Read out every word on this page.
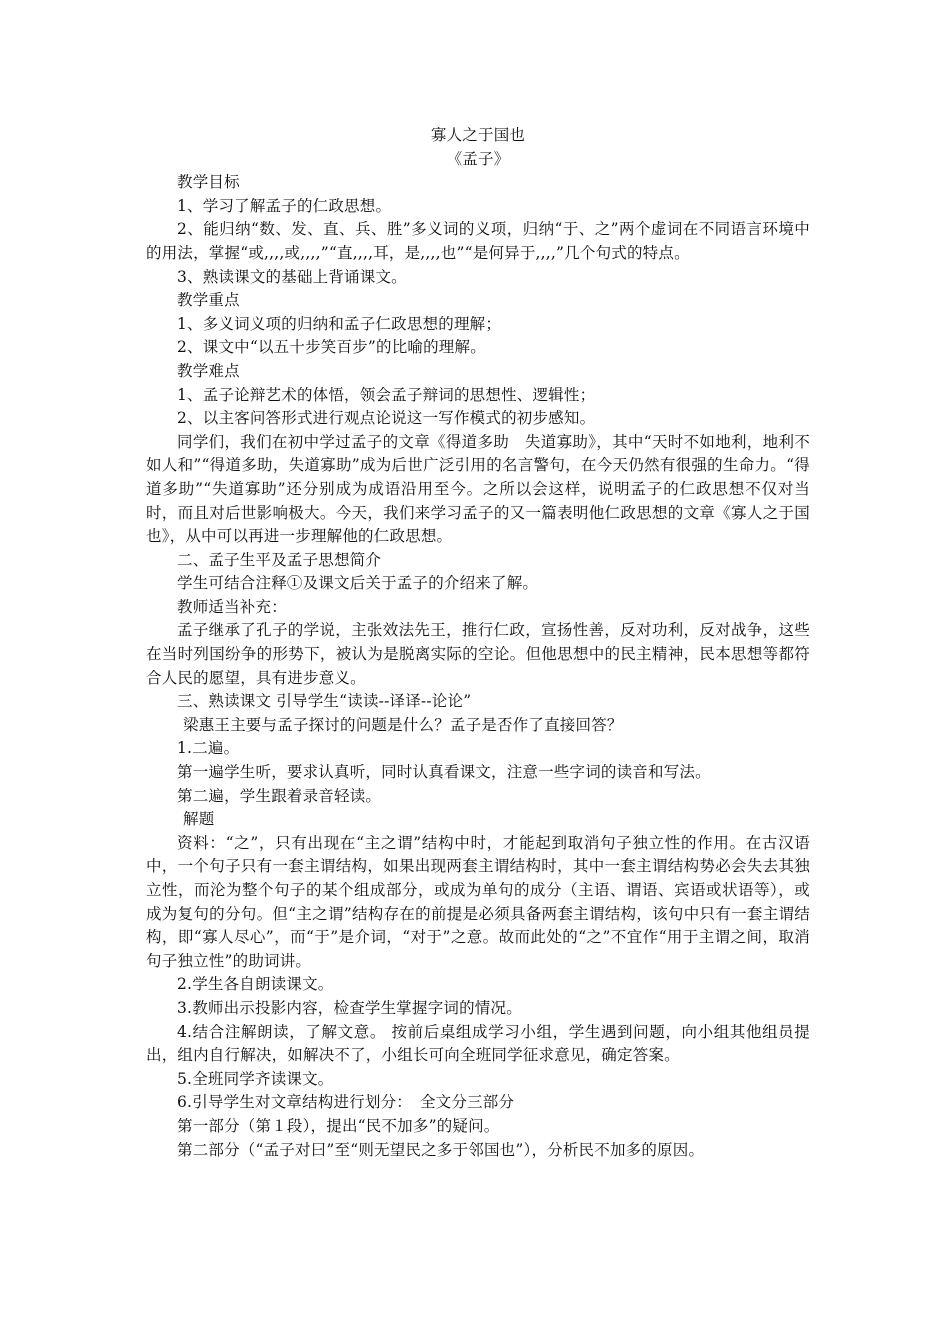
寡人之于国也

《孟子》

教学目标

1、学习了解孟子的仁政思想。

2、能归纳“数、发、直、兵、胜”多义词的义项，归纳“于、之”两个虚词在不同语言环境中的用法，掌握“或,,,,或,,,,”“直,,,,耳，是,,,,也”“是何异于,,,,”几个句式的特点。

3、熟读课文的基础上背诵课文。

教学重点

1、多义词义项的归纳和孟子仁政思想的理解；

2、课文中“以五十步笑百步”的比喻的理解。

教学难点

1、孟子论辩艺术的体悟，领会孟子辩词的思想性、逻辑性；

2、以主客问答形式进行观点论说这一写作模式的初步感知。

同学们，我们在初中学过孟子的文章《得道多助　失道寡助》，其中“天时不如地利，地利不如人和”“得道多助，失道寡助”成为后世广泛引用的名言警句，在今天仍然有很强的生命力。“得道多助”“失道寡助”还分别成为成语沿用至今。之所以会这样，说明孟子的仁政思想不仅对当时，而且对后世影响极大。今天，我们来学习孟子的又一篇表明他仁政思想的文章《寡人之于国也》，从中可以再进一步理解他的仁政思想。

二、孟子生平及孟子思想简介

学生可结合注释①及课文后关于孟子的介绍来了解。

教师适当补充：

孟子继承了孔子的学说，主张效法先王，推行仁政，宣扬性善，反对功利，反对战争，这些在当时列国纷争的形势下，被认为是脱离实际的空论。但他思想中的民主精神，民本思想等都符合人民的愿望，具有进步意义。

三、熟读课文 引导学生“读读--译译--论论”

梁惠王主要与孟子探讨的问题是什么？孟子是否作了直接回答？

1.二遍。

第一遍学生听，要求认真听，同时认真看课文，注意一些字词的读音和写法。

第二遍，学生跟着录音轻读。

解题

资料：“之”，只有出现在“主之谓”结构中时，才能起到取消句子独立性的作用。在古汉语中，一个句子只有一套主谓结构，如果出现两套主谓结构时，其中一套主谓结构势必会失去其独立性，而沦为整个句子的某个组成部分，或成为单句的成分（主语、谓语、宾语或状语等），或成为复句的分句。但“主之谓”结构存在的前提是必须具备两套主谓结构，该句中只有一套主谓结构，即“寡人尽心”，而“于”是介词，“对于”之意。故而此处的“之”不宜作“用于主谓之间，取消句子独立性”的助词讲。

2.学生各自朗读课文。

3.教师出示投影内容，检查学生掌握字词的情况。

4.结合注解朗读，了解文意。 按前后桌组成学习小组，学生遇到问题，向小组其他组员提出，组内自行解决，如解决不了，小组长可向全班同学征求意见，确定答案。

5.全班同学齐读课文。

6.引导学生对文章结构进行划分：　全文分三部分

第一部分（第１段），提出“民不加多”的疑问。

第二部分（“孟子对曰”至“则无望民之多于邻国也”），分析民不加多的原因。
